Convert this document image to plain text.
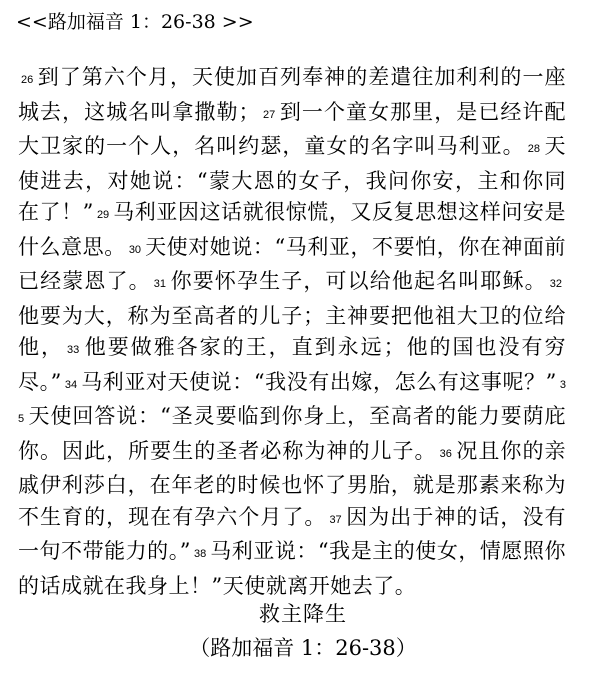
<<路加福音 1：26-38 >>
26 到了第六个月，天使加百列奉神的差遣往加利利的一座城去，这城名叫拿撒勒； 27 到一个童女那里，是已经许配大卫家的一个人，名叫约瑟，童女的名字叫马利亚。 28 天使进去，对她说：“蒙大恩的女子，我问你安，主和你同在了！” 29 马利亚因这话就很惊慌，又反复思想这样问安是什么意思。 30 天使对她说：“马利亚，不要怕，你在神面前已经蒙恩了。 31 你要怀孕生子，可以给他起名叫耶稣。 32他要为大，称为至高者的儿子；主神要把他祖大卫的位给他， 33 他要做雅各家的王，直到永远；他的国也没有穷尽。” 34 马利亚对天使说：“我没有出嫁，怎么有这事呢？” 35 天使回答说：“圣灵要临到你身上，至高者的能力要荫庇你。因此，所要生的圣者必称为神的儿子。 36 况且你的亲戚伊利莎白，在年老的时候也怀了男胎，就是那素来称为不生育的，现在有孕六个月了。 37 因为出于神的话，没有一句不带能力的。” 38 马利亚说：“我是主的使女，情愿照你的话成就在我身上！”天使就离开她去了。
救主降生
（路加福音 1：26-38）
